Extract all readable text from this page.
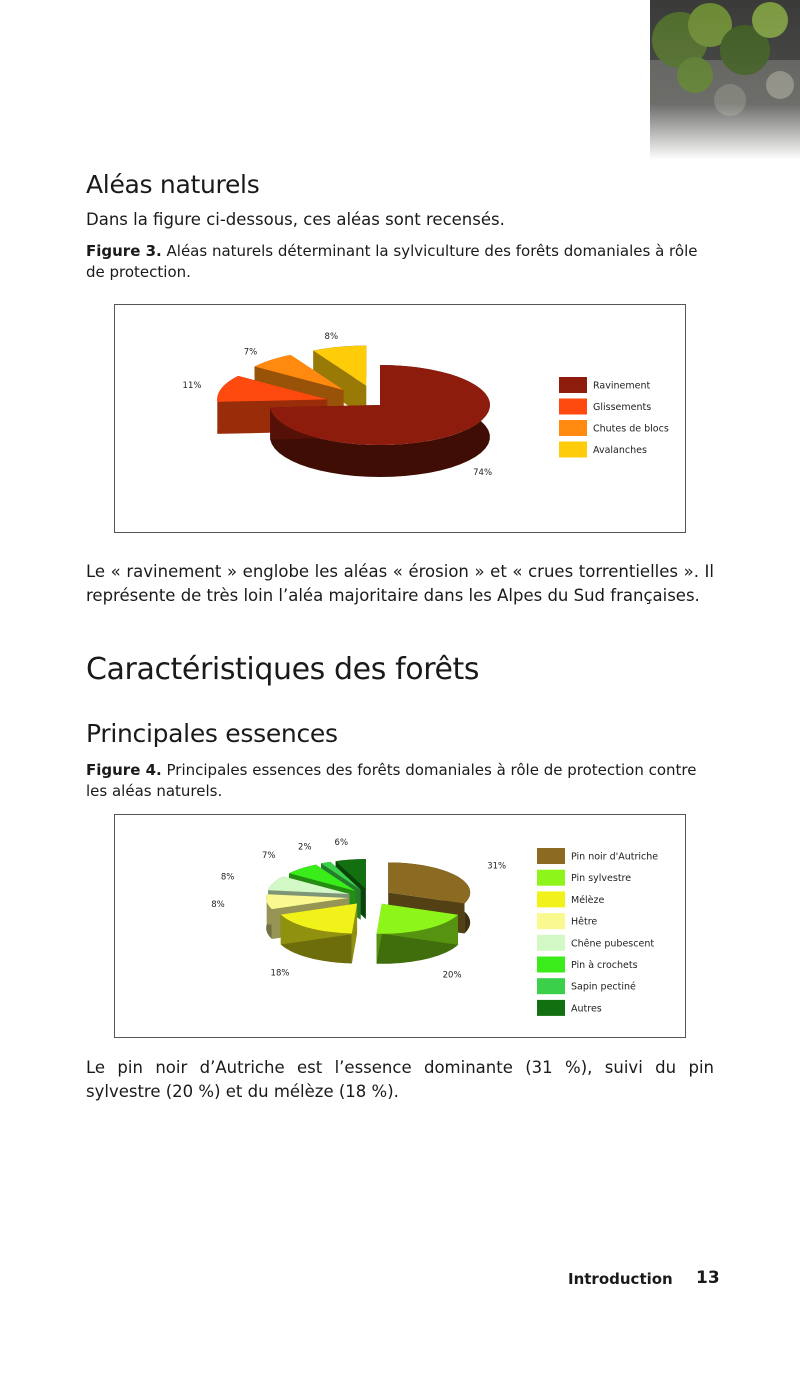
Aléas naturels

Dans la figure ci-dessous, ces aléas sont recensés.

Figure 3. Aléas naturels déterminant la sylviculture des forêts domaniales à rôle de protection.

74%
11%
7%
8%
Ravinement
Glissements
Chutes de blocs
Avalanches

Le « ravinement » englobe les aléas « érosion » et « crues torrentielles ». Il représente de très loin l’aléa majoritaire dans les Alpes du Sud françaises.

Caractéristiques des forêts
Principales essences

Figure 4. Principales essences des forêts domaniales à rôle de protection contre les aléas naturels.

31%
20%
18%
8%
8%
7%
2%	6%
Pin noir d'Autriche
Pin sylvestre
Mélèze
Hêtre
Chêne pubescent
Pin à crochets
Sapin pectiné
Autres

Le pin noir d’Autriche est l’essence dominante (31 %), suivi du pin sylvestre (20 %) et du mélèze (18 %).

Introduction 13
